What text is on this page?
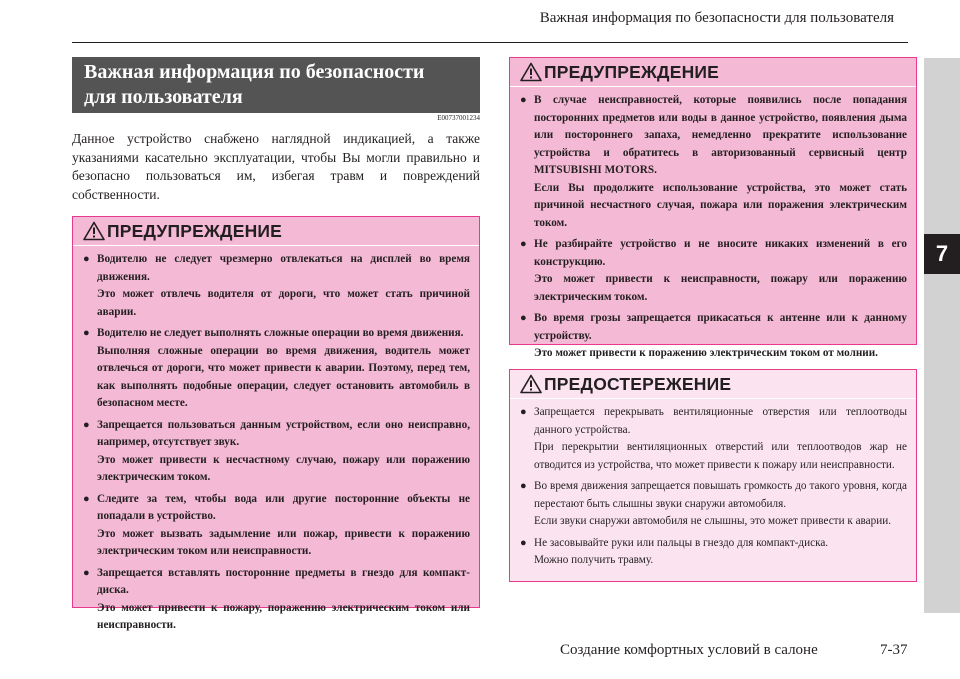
Важная информация по безопасности для пользователя
7
Важная информация по безопасности
для пользователя
E00737001234

Данное устройство снабжено наглядной индикацией, а также указаниями касательно эксплуатации, чтобы Вы могли правильно и безопасно пользоваться им, избегая травм и повреждений собственности.

ПРЕДУПРЕЖДЕНИЕ
● Водителю не следует чрезмерно отвлекаться на дисплей во время движения.

Это может отвлечь водителя от дороги, что может стать причиной аварии.

● Водителю не следует выполнять сложные операции во время движения.

Выполняя сложные операции во время движения, водитель может отвлечься от дороги, что может привести к аварии. Поэтому, перед тем, как выполнять подобные операции, следует остановить автомобиль в безопасном месте.

● Запрещается пользоваться данным устройством, если оно неисправно, например, отсутствует звук.

Это может привести к несчастному случаю, пожару или поражению электрическим током.

● Следите за тем, чтобы вода или другие посторонние объекты не попадали в устройство.

Это может вызвать задымление или пожар, привести к поражению электрическим током или неисправности.

● Запрещается вставлять посторонние предметы в гнездо для компакт-диска.

Это может привести к пожару, поражению электрическим током или неисправности.

ПРЕДУПРЕЖДЕНИЕ
● В случае неисправностей, которые появились после попадания посторонних предметов или воды в данное устройство, появления дыма или постороннего запаха, немедленно прекратите использование устройства и обратитесь в авторизованный сервисный центр MITSUBISHI MOTORS.

Если Вы продолжите использование устройства, это может стать причиной несчастного случая, пожара или поражения электрическим током.

● Не разбирайте устройство и не вносите никаких изменений в его конструкцию.

Это может привести к неисправности, пожару или поражению электрическим током.

● Во время грозы запрещается прикасаться к антенне или к данному устройству.

Это может привести к поражению электрическим током от молнии.

ПРЕДОСТЕРЕЖЕНИЕ
● Запрещается перекрывать вентиляционные отверстия или теплоотводы данного устройства.

При перекрытии вентиляционных отверстий или теплоотводов жар не отводится из устройства, что может привести к пожару или неисправности.

● Во время движения запрещается повышать громкость до такого уровня, когда перестают быть слышны звуки снаружи автомобиля.

Если звуки снаружи автомобиля не слышны, это может привести к аварии.

● Не засовывайте руки или пальцы в гнездо для компакт-диска.

Можно получить травму.

Создание комфортных условий в салоне	7-37
